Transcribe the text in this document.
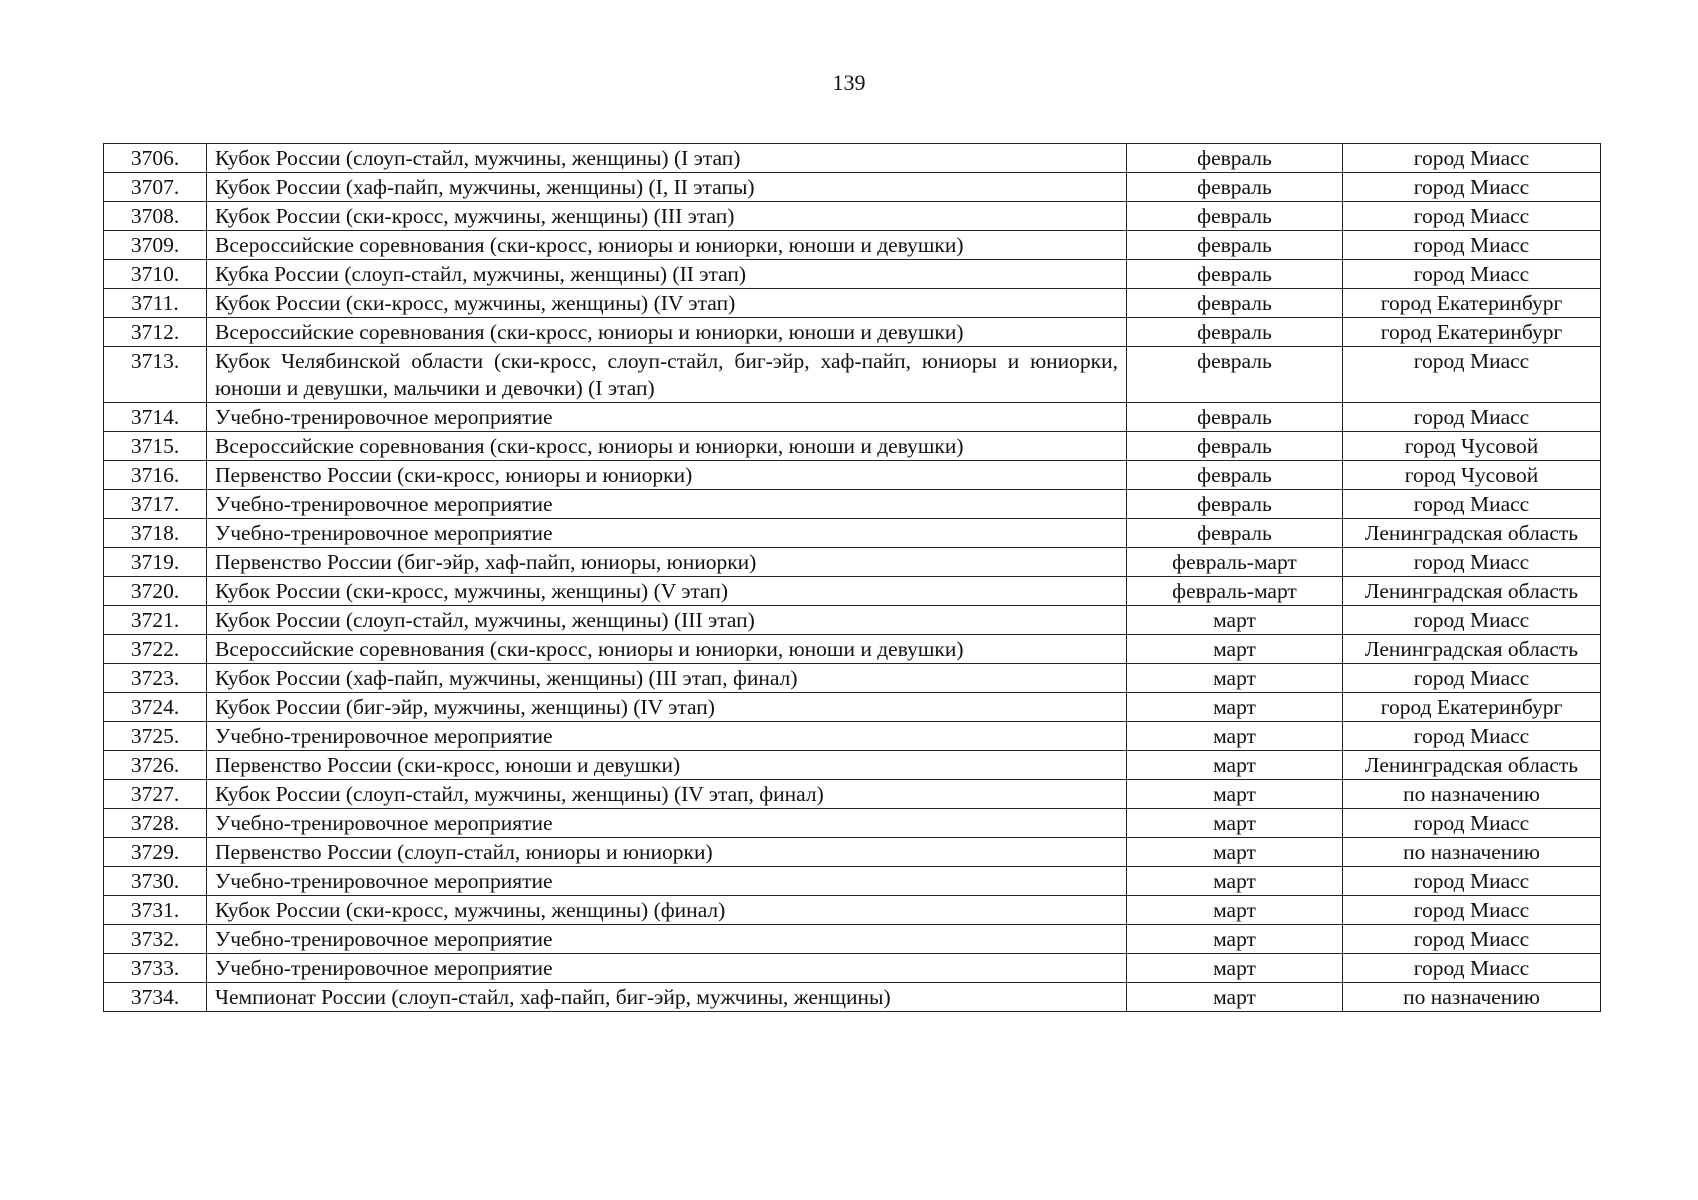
139
3706.	Кубок России (слоуп-стайл, мужчины, женщины) (I этап)	февраль	город Миасс
3707.	Кубок России (хаф-пайп, мужчины, женщины) (I, II этапы)	февраль	город Миасс
3708.	Кубок России (ски-кросс, мужчины, женщины) (III этап)	февраль	город Миасс
3709.	Всероссийские соревнования (ски-кросс, юниоры и юниорки, юноши и девушки)	февраль	город Миасс
3710.	Кубка России (слоуп-стайл, мужчины, женщины) (II этап)	февраль	город Миасс
3711.	Кубок России (ски-кросс, мужчины, женщины) (IV этап)	февраль	город Екатеринбург
3712.	Всероссийские соревнования (ски-кросс, юниоры и юниорки, юноши и девушки)	февраль	город Екатеринбург
3713.	Кубок Челябинской области (ски-кросс, слоуп-стайл, биг-эйр, хаф-пайп, юниоры и юниорки, юноши и девушки, мальчики и девочки) (I этап)	февраль	город Миасс
3714.	Учебно-тренировочное мероприятие	февраль	город Миасс
3715.	Всероссийские соревнования (ски-кросс, юниоры и юниорки, юноши и девушки)	февраль	город Чусовой
3716.	Первенство России (ски-кросс, юниоры и юниорки)	февраль	город Чусовой
3717.	Учебно-тренировочное мероприятие	февраль	город Миасс
3718.	Учебно-тренировочное мероприятие	февраль	Ленинградская область
3719.	Первенство России (биг-эйр, хаф-пайп, юниоры, юниорки)	февраль-март	город Миасс
3720.	Кубок России (ски-кросс, мужчины, женщины) (V этап)	февраль-март	Ленинградская область
3721.	Кубок России (слоуп-стайл, мужчины, женщины) (III этап)	март	город Миасс
3722.	Всероссийские соревнования (ски-кросс, юниоры и юниорки, юноши и девушки)	март	Ленинградская область
3723.	Кубок России (хаф-пайп, мужчины, женщины) (III этап, финал)	март	город Миасс
3724.	Кубок России (биг-эйр, мужчины, женщины) (IV этап)	март	город Екатеринбург
3725.	Учебно-тренировочное мероприятие	март	город Миасс
3726.	Первенство России (ски-кросс, юноши и девушки)	март	Ленинградская область
3727.	Кубок России (слоуп-стайл, мужчины, женщины) (IV этап, финал)	март	по назначению
3728.	Учебно-тренировочное мероприятие	март	город Миасс
3729.	Первенство России (слоуп-стайл, юниоры и юниорки)	март	по назначению
3730.	Учебно-тренировочное мероприятие	март	город Миасс
3731.	Кубок России (ски-кросс, мужчины, женщины) (финал)	март	город Миасс
3732.	Учебно-тренировочное мероприятие	март	город Миасс
3733.	Учебно-тренировочное мероприятие	март	город Миасс
3734.	Чемпионат России (слоуп-стайл, хаф-пайп, биг-эйр, мужчины, женщины)	март	по назначению
